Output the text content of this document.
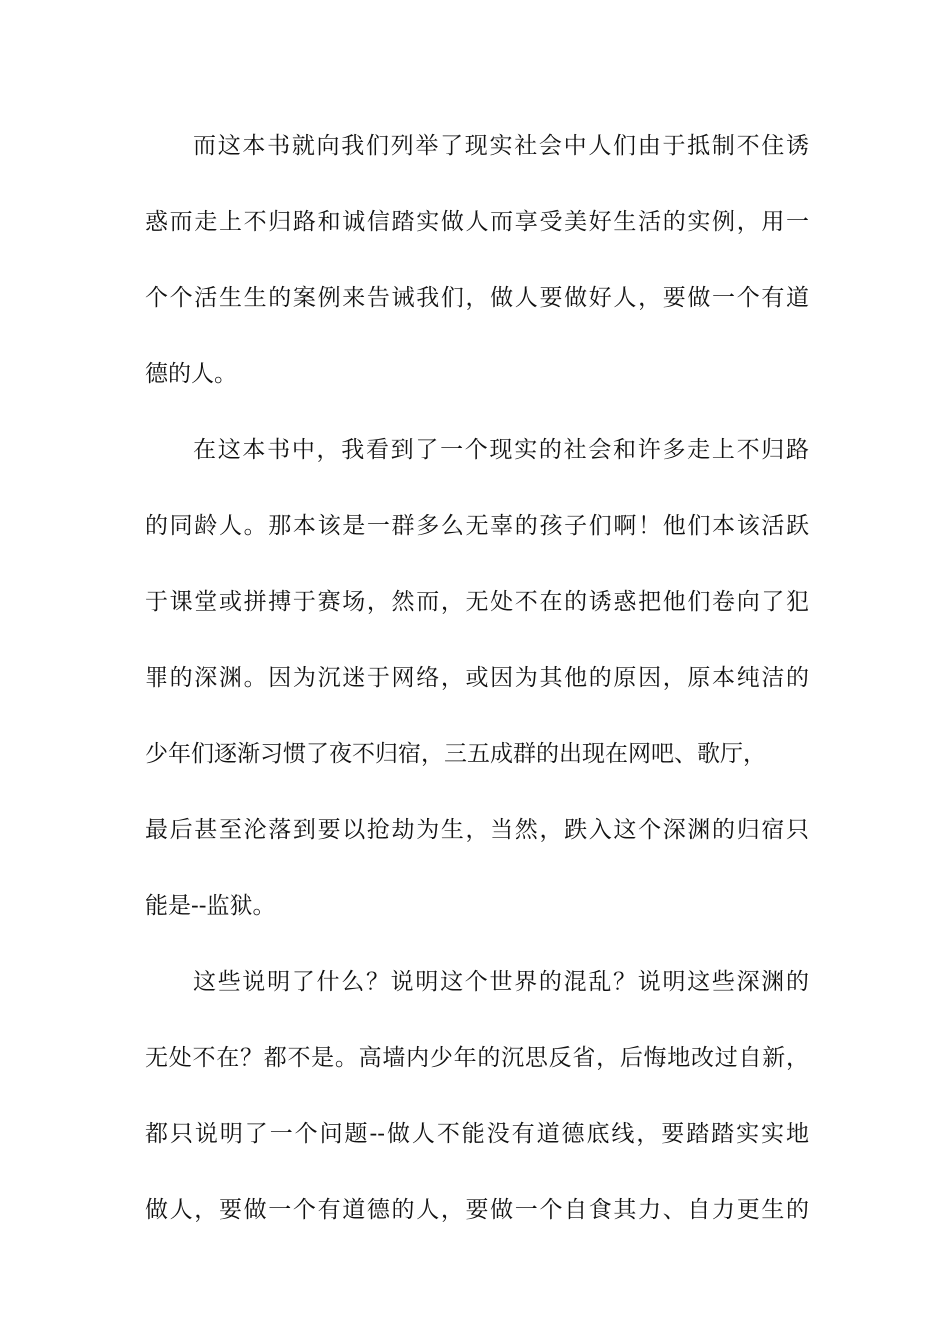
而这本书就向我们列举了现实社会中人们由于抵制不住诱
惑而走上不归路和诚信踏实做人而享受美好生活的实例，用一
个个活生生的案例来告诫我们，做人要做好人，要做一个有道
德的人。
在这本书中，我看到了一个现实的社会和许多走上不归路
的同龄人。那本该是一群多么无辜的孩子们啊！他们本该活跃
于课堂或拼搏于赛场，然而，无处不在的诱惑把他们卷向了犯
罪的深渊。因为沉迷于网络，或因为其他的原因，原本纯洁的
少年们逐渐习惯了夜不归宿，三五成群的出现在网吧、歌厅，
最后甚至沦落到要以抢劫为生，当然，跌入这个深渊的归宿只
能是--监狱。
这些说明了什么？说明这个世界的混乱？说明这些深渊的
无处不在？都不是。高墙内少年的沉思反省，后悔地改过自新，
都只说明了一个问题--做人不能没有道德底线，要踏踏实实地
做人，要做一个有道德的人，要做一个自食其力、自力更生的
